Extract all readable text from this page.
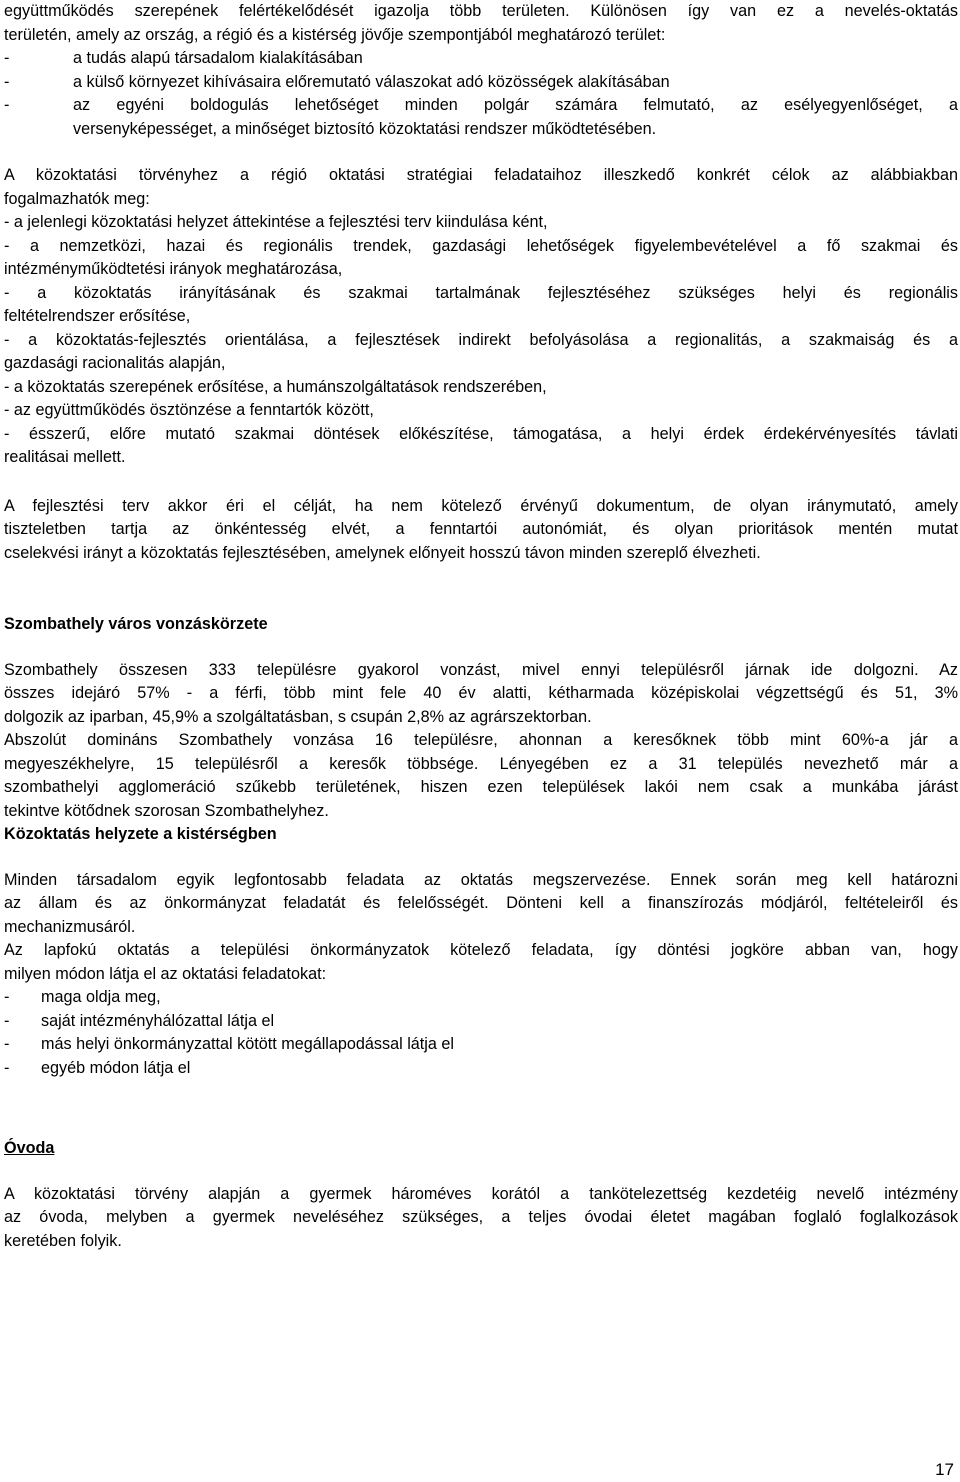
együttműködés szerepének felértékelődését igazolja több területen. Különösen így van ez a nevelés-oktatás
területén, amely az ország, a régió és a kistérség jövője szempontjából meghatározó terület:

-	a tudás alapú társadalom kialakításában
-	a külső környezet kihívásaira előremutató válaszokat adó közösségek alakításában
-	az egyéni boldogulás lehetőséget minden polgár számára felmutató, az esélyegyenlőséget, a
versenyképességet, a minőséget biztosító közoktatási rendszer működtetésében.

A közoktatási törvényhez a régió oktatási stratégiai feladataihoz illeszkedő konkrét célok az alábbiakban
fogalmazhatók meg:

- a jelenlegi közoktatási helyzet áttekintése a fejlesztési terv kiindulása ként,
- a nemzetközi, hazai és regionális trendek, gazdasági lehetőségek figyelembevételével a fő szakmai és
intézményműködtetési irányok meghatározása,
- a közoktatás irányításának és szakmai tartalmának fejlesztéséhez szükséges helyi és regionális
feltételrendszer erősítése,
- a közoktatás-fejlesztés orientálása, a fejlesztések indirekt befolyásolása a regionalitás, a szakmaiság és a
gazdasági racionalitás alapján,
- a közoktatás szerepének erősítése, a humánszolgáltatások rendszerében,
- az együttműködés ösztönzése a fenntartók között,
- ésszerű, előre mutató szakmai döntések előkészítése, támogatása, a helyi érdek érdekérvényesítés távlati
realitásai mellett.

A fejlesztési terv akkor éri el célját, ha nem kötelező érvényű dokumentum, de olyan iránymutató, amely
tiszteletben tartja az önkéntesség elvét, a fenntartói autonómiát, és olyan prioritások mentén mutat
cselekvési irányt a közoktatás fejlesztésében, amelynek előnyeit hosszú távon minden szereplő élvezheti.

Szombathely város vonzáskörzete

Szombathely összesen 333 településre gyakorol vonzást, mivel ennyi településről járnak ide dolgozni. Az
összes idejáró 57% - a férfi, több mint fele 40 év alatti, kétharmada középiskolai végzettségű és 51, 3%
dolgozik az iparban, 45,9% a szolgáltatásban, s csupán 2,8% az agrárszektorban.

Abszolút domináns Szombathely vonzása 16 településre, ahonnan a keresőknek több mint 60%-a jár a
megyeszékhelyre, 15 településről a keresők többsége. Lényegében ez a 31 település nevezhető már a
szombathelyi agglomeráció szűkebb területének, hiszen ezen települések lakói nem csak a munkába járást
tekintve kötődnek szorosan Szombathelyhez.

Közoktatás helyzete a kistérségben

Minden társadalom egyik legfontosabb feladata az oktatás megszervezése. Ennek során meg kell határozni
az állam és az önkormányzat feladatát és felelősségét. Dönteni kell a finanszírozás módjáról, feltételeiről és
mechanizmusáról.

Az lapfokú oktatás a települési önkormányzatok kötelező feladata, így döntési jogköre abban van, hogy
milyen módon látja el az oktatási feladatokat:

- maga oldja meg,
- saját intézményhálózattal látja el
- más helyi önkormányzattal kötött megállapodással látja el
- egyéb módon látja el
Óvoda

A közoktatási törvény alapján a gyermek hároméves korától a tankötelezettség kezdetéig nevelő intézmény
az óvoda, melyben a gyermek neveléséhez szükséges, a teljes óvodai életet magában foglaló foglalkozások
keretében folyik.

17
